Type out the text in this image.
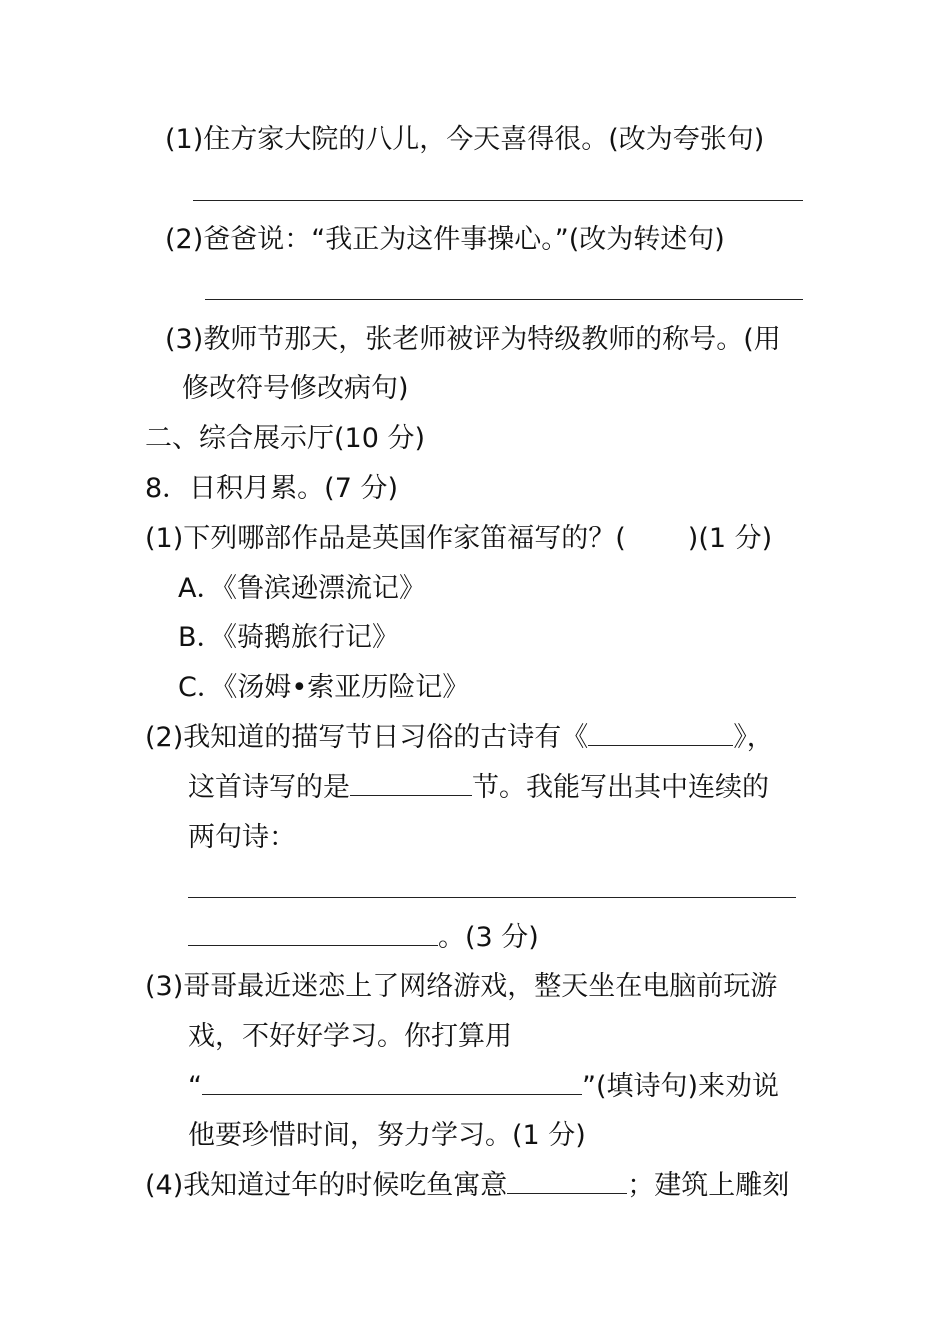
(1)住方家大院的八儿，今天喜得很。(改为夸张句)
(2)爸爸说：“我正为这件事操心。”(改为转述句)
(3)教师节那天，张老师被评为特级教师的称号。(用
修改符号修改病句)
二、综合展示厅(10 分)
8．日积月累。(7 分)
(1)下列哪部作品是英国作家笛福写的？( )(1 分)
A．《鲁滨逊漂流记》
B．《骑鹅旅行记》
C．《汤姆•索亚历险记》
(2)我知道的描写节日习俗的古诗有《	》，
这首诗写的是	节。我能写出其中连续的
两句诗：
。(3 分)
(3)哥哥最近迷恋上了网络游戏，整天坐在电脑前玩游
戏，不好好学习。你打算用
“	”(填诗句)来劝说
他要珍惜时间，努力学习。(1 分)
(4)我知道过年的时候吃鱼寓意	；建筑上雕刻
